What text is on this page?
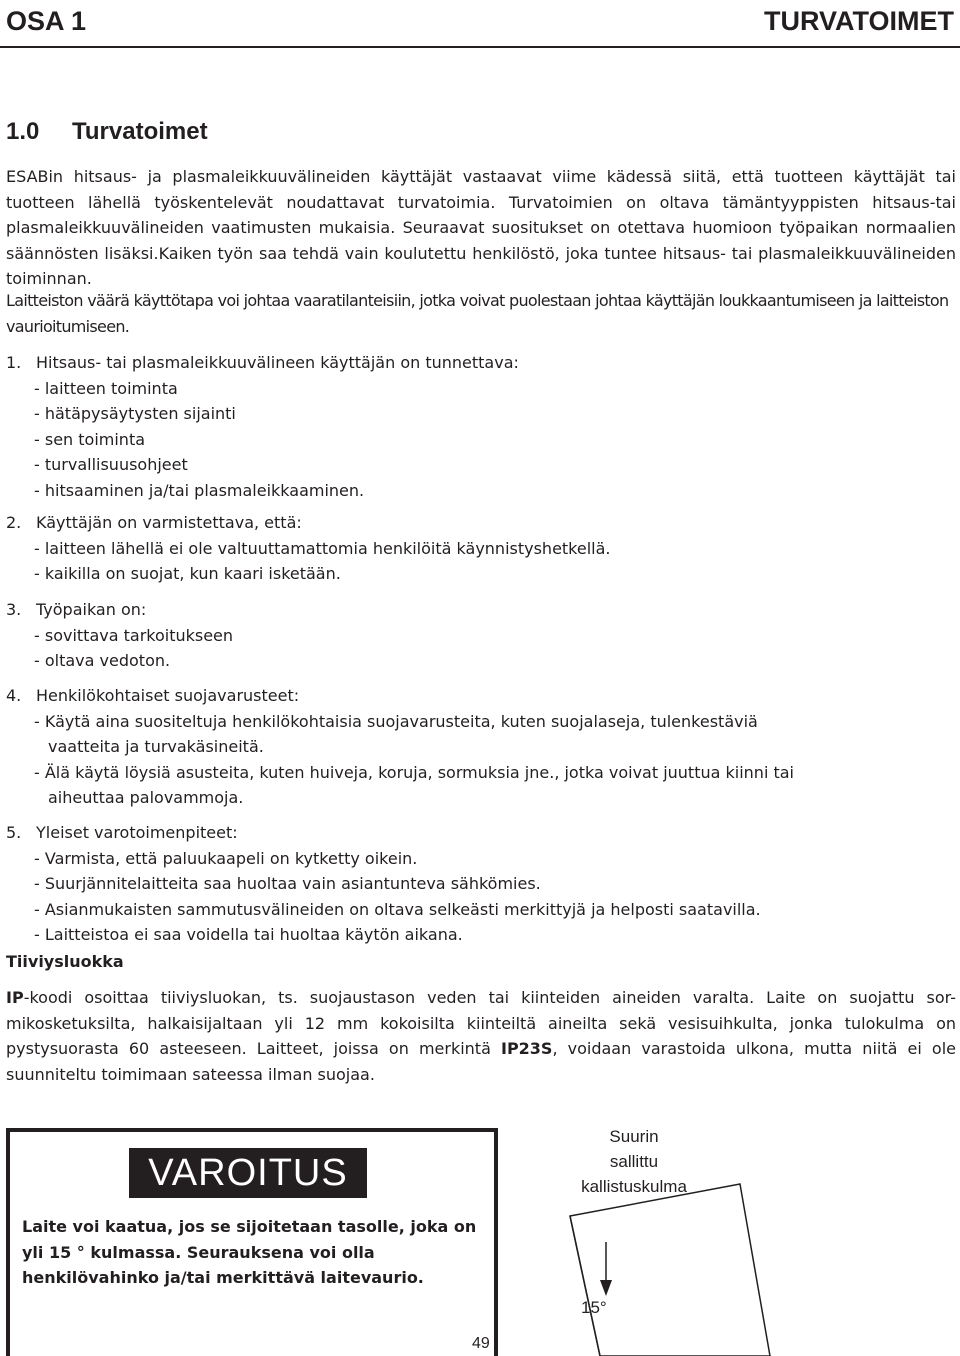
OSA 1	TURVATOIMET
1.0 Turvatoimet

ESABin hitsaus- ja plasmaleikkuuvälineiden käyttäjät vastaavat viime kädessä siitä, että tuotteen käyttäjät tai tuotteen lähellä työskentelevät noudattavat turvatoimia. Turvatoimien on oltava tämäntyyppisten hitsaus-tai plasmaleikkuuvälineiden vaatimusten mukaisia. Seuraavat suositukset on otettava huomioon työpaikan normaalien säännösten lisäksi.Kaiken työn saa tehdä vain koulutettu henkilöstö, joka tuntee hitsaus- tai plasmaleikkuuvälineiden toiminnan.

Laitteiston väärä käyttötapa voi johtaa vaaratilanteisiin, jotka voivat puolestaan johtaa käyttäjän loukkaantumiseen ja laitteiston vaurioitumiseen.

1. Hitsaus- tai plasmaleikkuuvälineen käyttäjän on tunnettava:
- laitteen toiminta
- hätäpysäytysten sijainti
- sen toiminta
- turvallisuusohjeet
- hitsaaminen ja/tai plasmaleikkaaminen.
2. Käyttäjän on varmistettava, että:
- laitteen lähellä ei ole valtuuttamattomia henkilöitä käynnistyshetkellä.
- kaikilla on suojat, kun kaari isketään.
3. Työpaikan on:
- sovittava tarkoitukseen
- oltava vedoton.
4. Henkilökohtaiset suojavarusteet:
- Käytä aina suositeltuja henkilökohtaisia suojavarusteita, kuten suojalaseja, tulenkestäviä
vaatteita ja turvakäsineitä.
- Älä käytä löysiä asusteita, kuten huiveja, koruja, sormuksia jne., jotka voivat juuttua kiinni tai
aiheuttaa palovammoja.
5. Yleiset varotoimenpiteet:
- Varmista, että paluukaapeli on kytketty oikein.
- Suurjännitelaitteita saa huoltaa vain asiantunteva sähkömies.
- Asianmukaisten sammutusvälineiden on oltava selkeästi merkittyjä ja helposti saatavilla.
- Laitteistoa ei saa voidella tai huoltaa käytön aikana.
Tiiviysluokka

IP-koodi osoittaa tiiviysluokan, ts. suojaustason veden tai kiinteiden aineiden varalta. Laite on suojattu sor-mikosketuksilta, halkaisijaltaan yli 12 mm kokoisilta kiinteiltä aineilta sekä vesisuihkulta, jonka tulokulma on pystysuorasta 60 asteeseen. Laitteet, joissa on merkintä IP23S, voidaan varastoida ulkona, mutta niitä ei ole suunniteltu toimimaan sateessa ilman suojaa.

VAROITUS
Laite voi kaatua, jos se sijoitetaan tasolle, joka on yli 15 ° kulmassa. Seurauksena voi olla henkilövahinko ja/tai merkittävä laitevaurio.
Suurin
sallittu
kallistuskulma
15°
49
